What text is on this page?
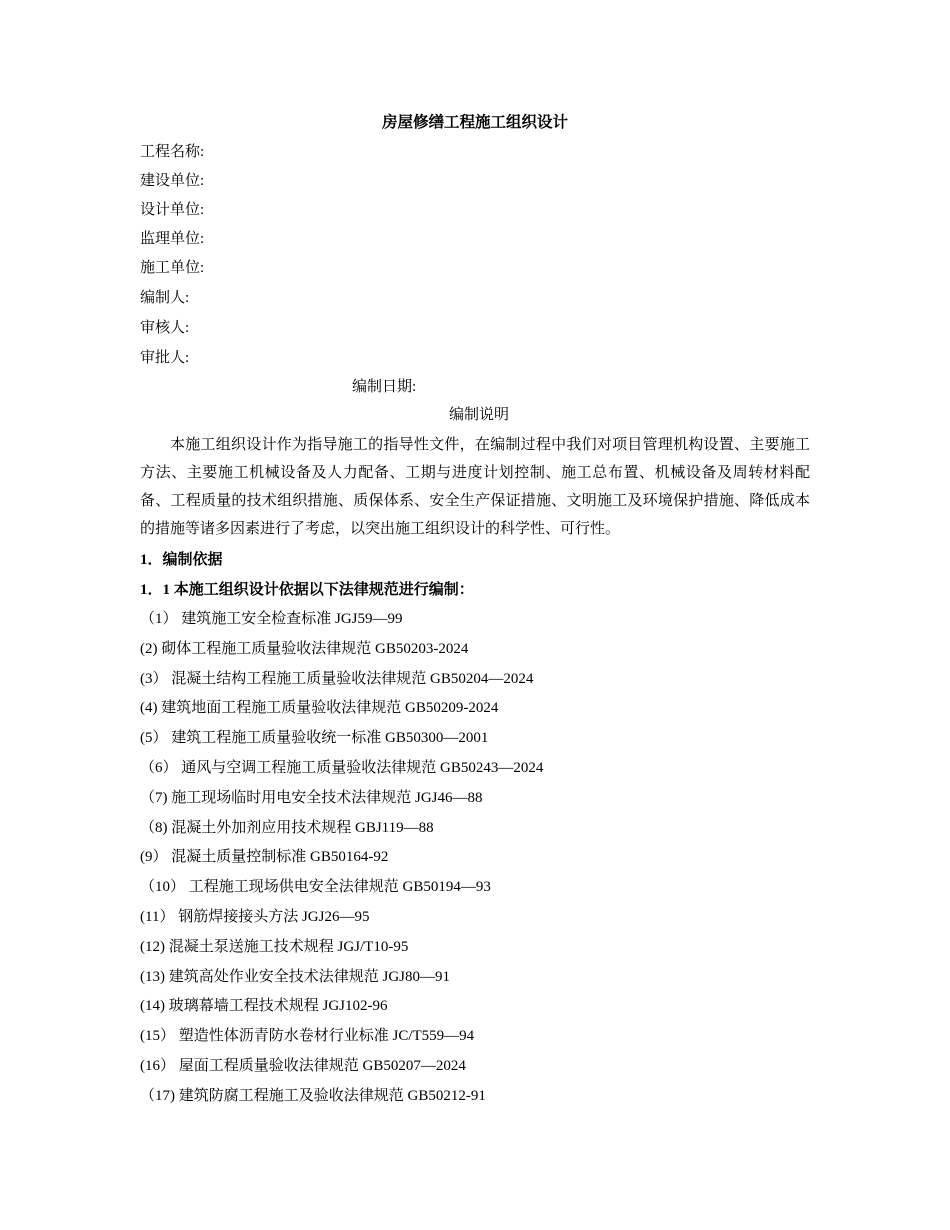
房屋修缮工程施工组织设计
工程名称:
建设单位:
设计单位:
监理单位:
施工单位:
编制人:
审核人:
审批人:
编制日期:
编制说明

本施工组织设计作为指导施工的指导性文件，在编制过程中我们对项目管理机构设置、主要施工方法、主要施工机械设备及人力配备、工期与进度计划控制、施工总布置、机械设备及周转材料配备、工程质量的技术组织措施、质保体系、安全生产保证措施、文明施工及环境保护措施、降低成本的措施等诸多因素进行了考虑，以突出施工组织设计的科学性、可行性。

1．编制依据
1．1 本施工组织设计依据以下法律规范进行编制：
（1） 建筑施工安全检查标准 JGJ59—99
(2) 砌体工程施工质量验收法律规范 GB50203-2024
(3） 混凝土结构工程施工质量验收法律规范 GB50204—2024
(4) 建筑地面工程施工质量验收法律规范 GB50209-2024
(5） 建筑工程施工质量验收统一标准 GB50300—2001
（6） 通风与空调工程施工质量验收法律规范 GB50243—2024
（7) 施工现场临时用电安全技术法律规范 JGJ46—88
（8) 混凝土外加剂应用技术规程 GBJ119—88
(9） 混凝土质量控制标准 GB50164-92
（10） 工程施工现场供电安全法律规范 GB50194—93
(11） 钢筋焊接接头方法 JGJ26—95
(12) 混凝土泵送施工技术规程 JGJ/T10-95
(13) 建筑高处作业安全技术法律规范 JGJ80—91
(14) 玻璃幕墙工程技术规程 JGJ102-96
(15） 塑造性体沥青防水卷材行业标准 JC/T559—94
(16） 屋面工程质量验收法律规范 GB50207—2024
（17) 建筑防腐工程施工及验收法律规范 GB50212-91
